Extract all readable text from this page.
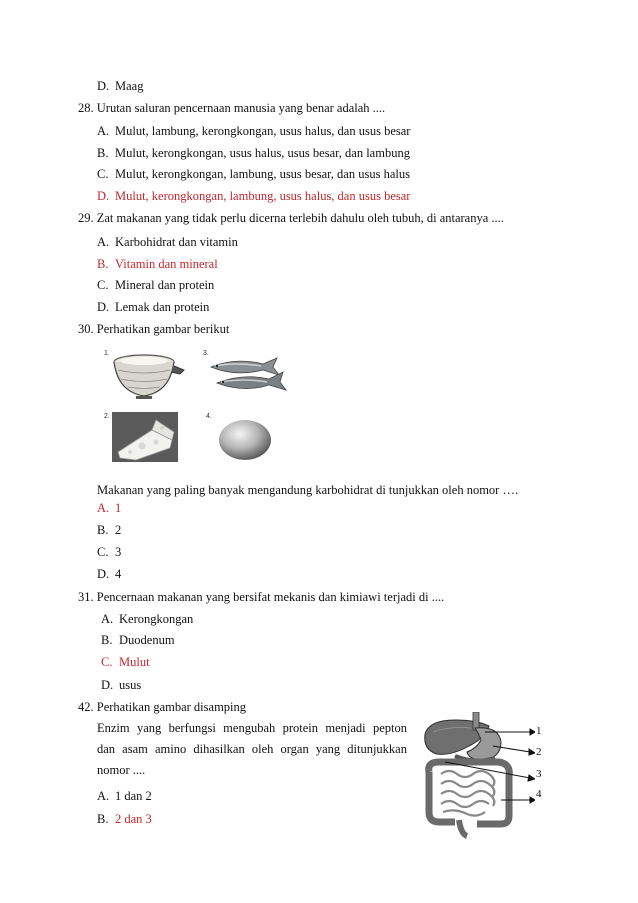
D. Maag
28. Urutan saluran pencernaan manusia yang benar adalah ....
A. Mulut, lambung, kerongkongan, usus halus, dan usus besar
B. Mulut, kerongkongan, usus halus, usus besar, dan lambung
C. Mulut, kerongkongan, lambung, usus besar, dan usus halus
D. Mulut, kerongkongan, lambung, usus halus, dan usus besar
29. Zat makanan yang tidak perlu dicerna terlebih dahulu oleh tubuh, di antaranya ....
A. Karbohidrat dan vitamin
B. Vitamin dan mineral
C. Mineral dan protein
D. Lemak dan protein
30. Perhatikan gambar berikut
1.	3.
2.	4.
Makanan yang paling banyak mengandung karbohidrat di tunjukkan oleh nomor ….
A. 1
B. 2
C. 3
D. 4
31. Pencernaan makanan yang bersifat mekanis dan kimiawi terjadi di ....
A. Kerongkongan
B. Duodenum
C. Mulut
D. usus
42. Perhatikan gambar disamping
Enzim yang berfungsi mengubah protein menjadi pepton
dan asam amino dihasilkan oleh organ yang ditunjukkan
nomor ....
A. 1 dan 2
B. 2 dan 3
1
2
3
4
